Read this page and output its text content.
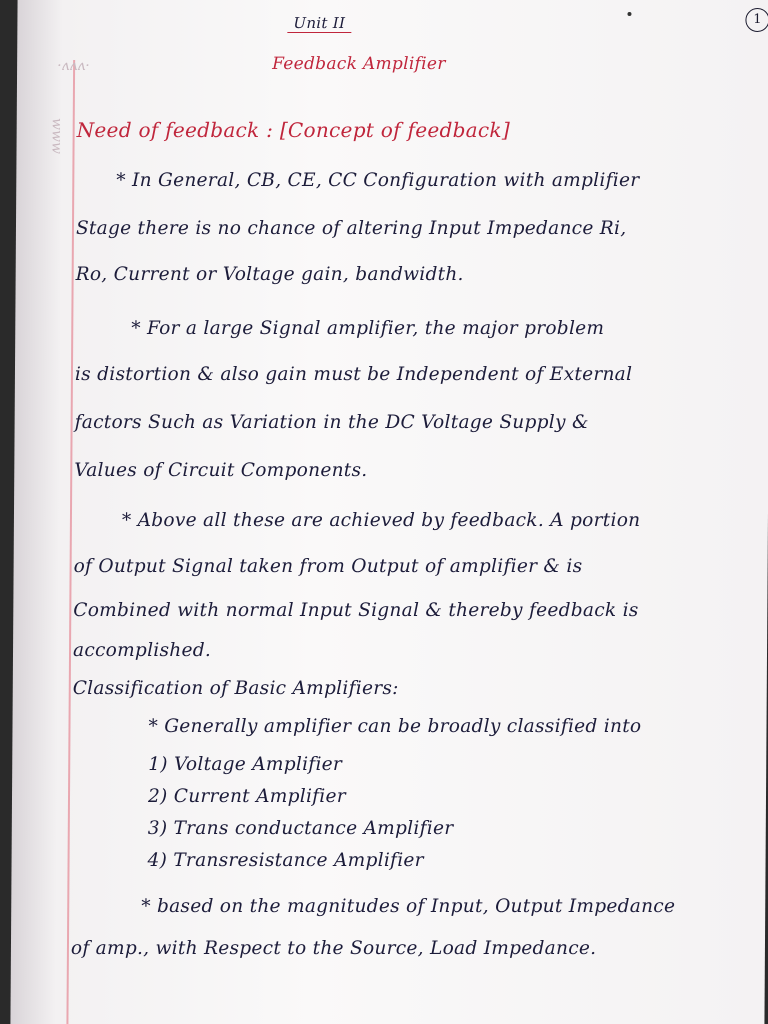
·ʌʌʌ·
www
1
Unit II
Feedback Amplifier
Need of feedback : [Concept of feedback]
* In General, CB, CE, CC Configuration with amplifier
Stage there is no chance of altering Input Impedance Ri,
Ro, Current or Voltage gain, bandwidth.
* For a large Signal amplifier, the major problem
is distortion & also gain must be Independent of External
factors Such as Variation in the DC Voltage Supply &
Values of Circuit Components.
* Above all these are achieved by feedback. A portion
of Output Signal taken from Output of amplifier & is
Combined with normal Input Signal & thereby feedback is
accomplished.
Classification of Basic Amplifiers:
* Generally amplifier can be broadly classified into
1) Voltage Amplifier
2) Current Amplifier
3) Trans conductance Amplifier
4) Transresistance Amplifier
* based on the magnitudes of Input, Output Impedance
of amp., with Respect to the Source, Load Impedance.
